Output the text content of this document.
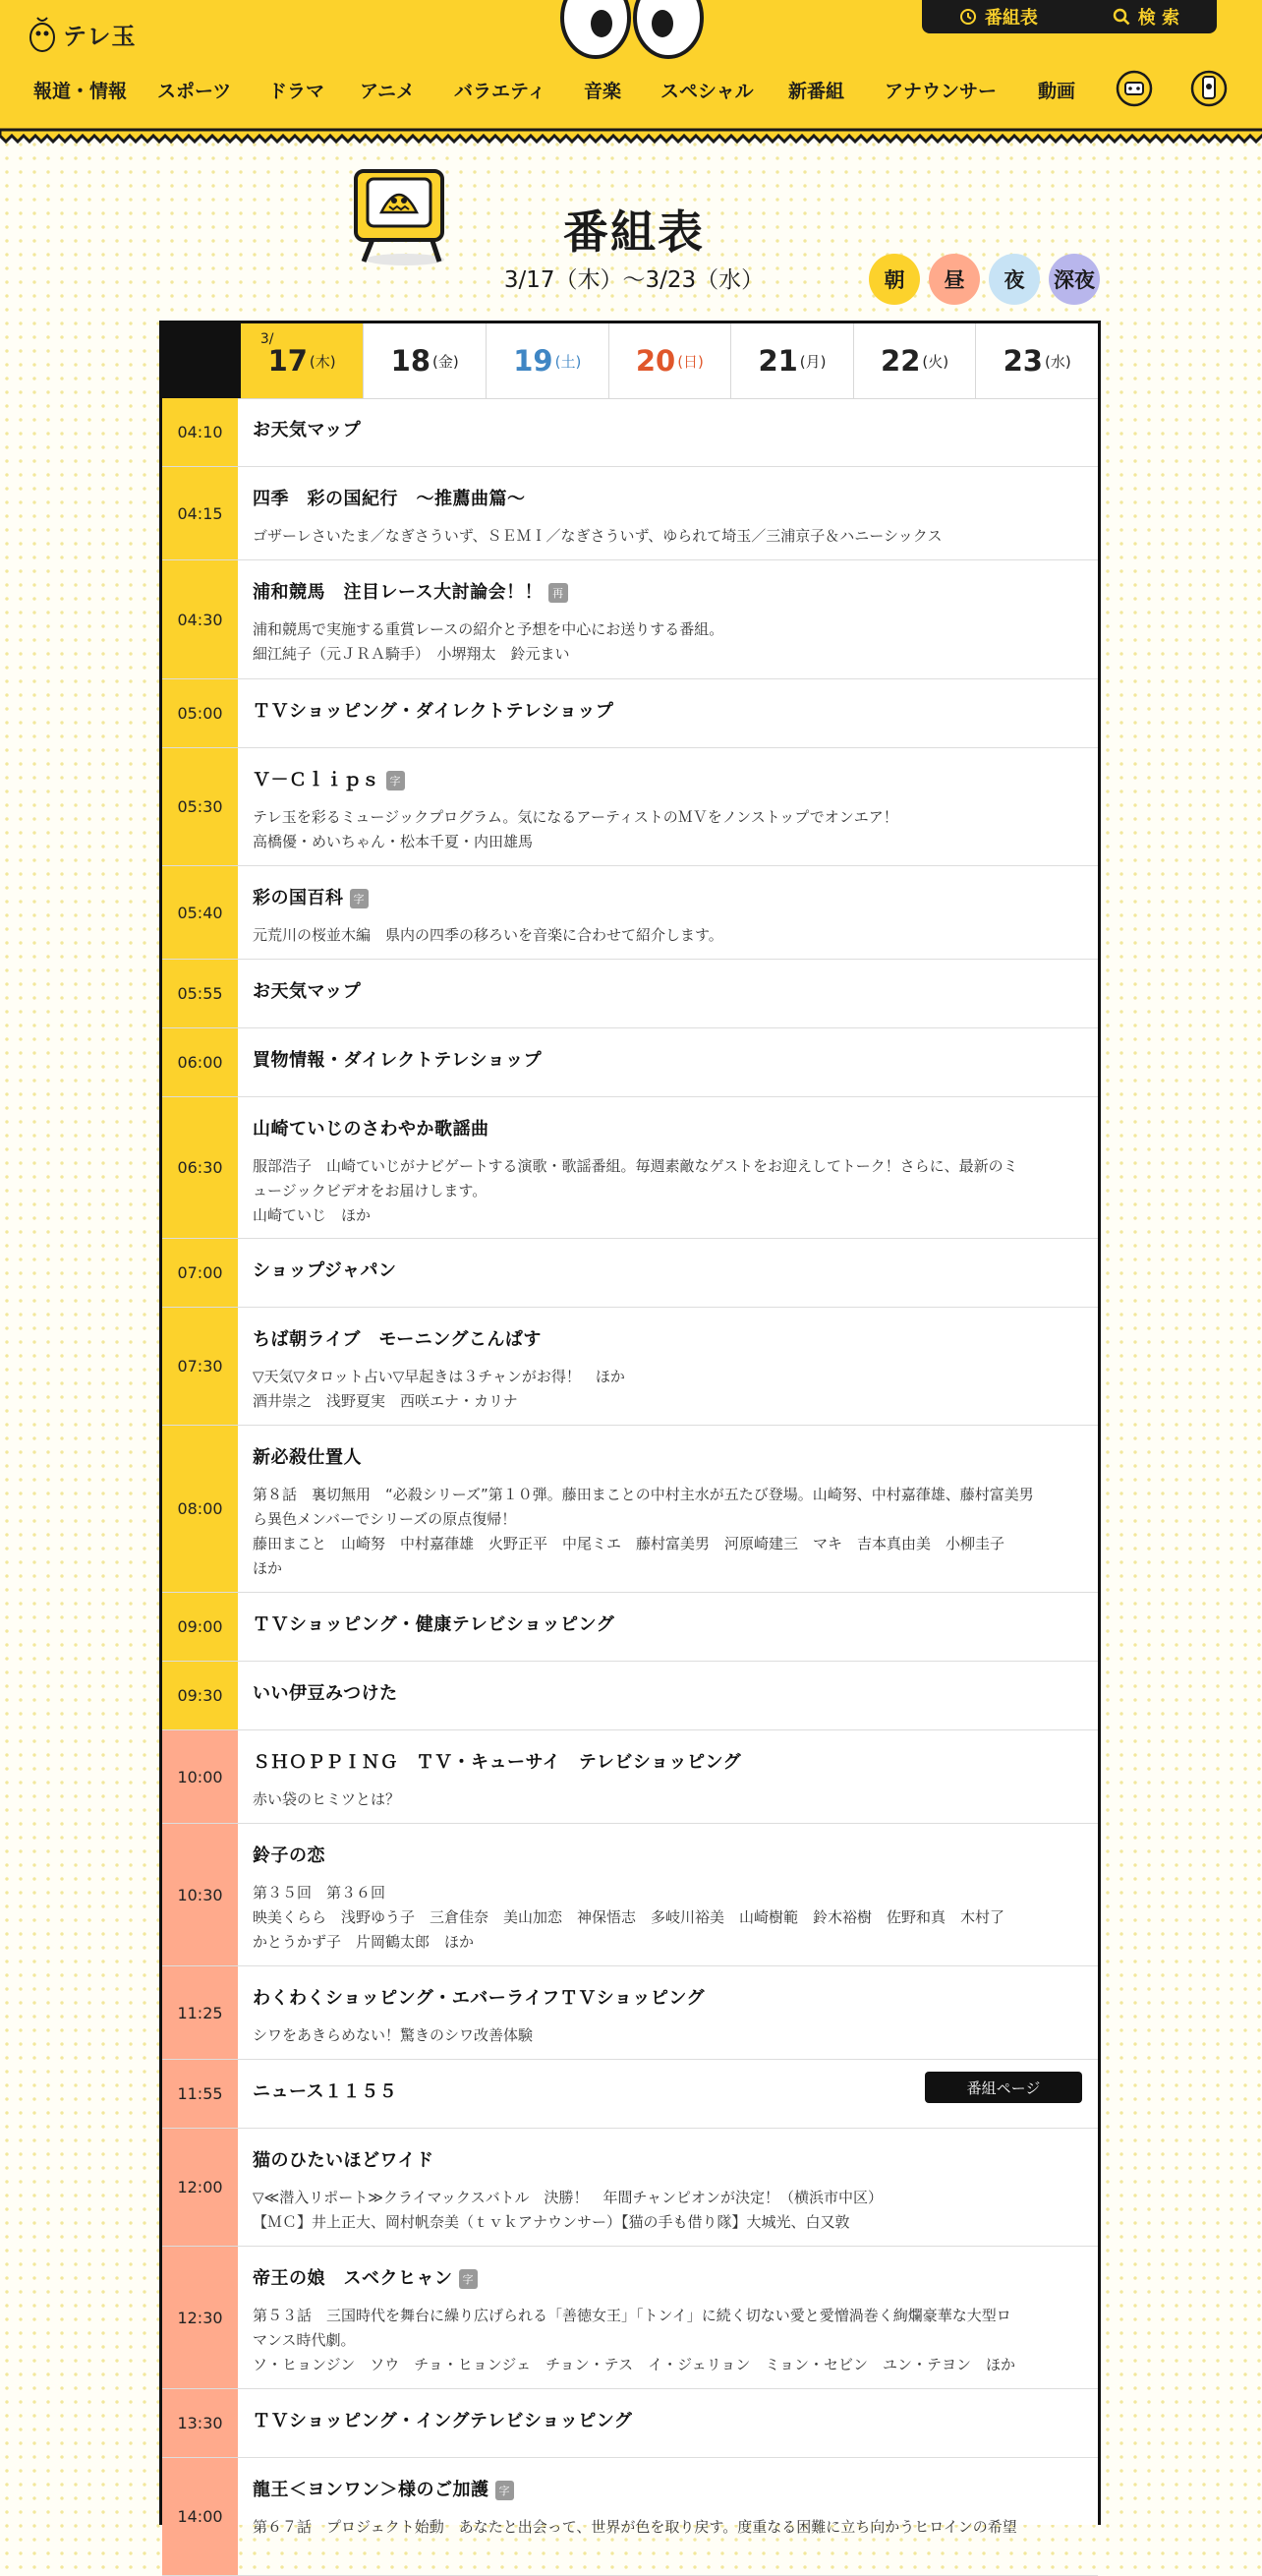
テレ玉
番組表	検 索
報道・情報 スポーツ ドラマ アニメ バラエティ 音楽 スペシャル 新番組 アナウンサー 動画
番組表
3/17（木）〜3/23（水）	朝	昼	夜	深夜
3/
17 (木) 18 (金) 19 (土) 20 (日) 21 (月) 22 (火) 23 (水)
04:10	お天気マップ
04:15
四季　彩の国紀行　～推薦曲篇～
ゴザーレさいたま／なぎさういず、ＳＥＭＩ／なぎさういず、ゆられて埼玉／三浦京子＆ハニーシックス
04:30
浦和競馬　注目レース大討論会！！ 再
浦和競馬で実施する重賞レースの紹介と予想を中心にお送りする番組。
細江純子（元ＪＲＡ騎手）　小堺翔太　鈴元まい
05:00	ＴＶショッピング・ダイレクトテレショップ
05:30
Ｖ－Ｃｌｉｐｓ 字
テレ玉を彩るミュージックプログラム。気になるアーティストのＭＶをノンストップでオンエア！
高橋優・めいちゃん・松本千夏・内田雄馬
05:40
彩の国百科 字
元荒川の桜並木編　県内の四季の移ろいを音楽に合わせて紹介します。
05:55	お天気マップ
06:00	買物情報・ダイレクトテレショップ
06:30
山崎ていじのさわやか歌謡曲
服部浩子　山崎ていじがナビゲートする演歌・歌謡番組。毎週素敵なゲストをお迎えしてトーク！さらに、最新のミ
ュージックビデオをお届けします。
山崎ていじ　ほか
07:00	ショップジャパン
07:30
ちば朝ライブ　モーニングこんぱす
▽天気▽タロット占い▽早起きは３チャンがお得！　ほか
酒井崇之　浅野夏実　西咲エナ・カリナ
08:00
新必殺仕置人
第８話　裏切無用　“必殺シリーズ”第１０弾。藤田まことの中村主水が五たび登場。山崎努、中村嘉葎雄、藤村富美男
ら異色メンバーでシリーズの原点復帰！
藤田まこと　山崎努　中村嘉葎雄　火野正平　中尾ミエ　藤村富美男　河原崎建三　マキ　吉本真由美　小柳圭子
ほか
09:00	ＴＶショッピング・健康テレビショッピング
09:30	いい伊豆みつけた
10:00
ＳＨＯＰＰＩＮＧ　ＴＶ・キューサイ　テレビショッピング
赤い袋のヒミツとは？
10:30
鈴子の恋
第３５回　第３６回
映美くらら　浅野ゆう子　三倉佳奈　美山加恋　神保悟志　多岐川裕美　山崎樹範　鈴木裕樹　佐野和真　木村了
かとうかず子　片岡鶴太郎　ほか
11:25
わくわくショッピング・エバーライフＴＶショッピング
シワをあきらめない！驚きのシワ改善体験
11:55	ニュース１１５５	番組ページ
12:00
猫のひたいほどワイド
▽≪潜入リポート≫クライマックスバトル　決勝！　年間チャンピオンが決定！（横浜市中区）
【ＭＣ】井上正大、岡村帆奈美（ｔｖｋアナウンサー）【猫の手も借り隊】大城光、白又敦
12:30
帝王の娘　スベクヒャン 字
第５３話　三国時代を舞台に繰り広げられる「善徳女王」「トンイ」に続く切ない愛と愛憎渦巻く絢爛豪華な大型ロ
マンス時代劇。
ソ・ヒョンジン　ソウ　チョ・ヒョンジェ　チョン・テス　イ・ジェリョン　ミョン・セビン　ユン・テヨン　ほか
13:30	ＴＶショッピング・イングテレビショッピング
14:00
龍王＜ヨンワン＞様のご加護 字
第６７話　プロジェクト始動　あなたと出会って、世界が色を取り戻す。度重なる困難に立ち向かうヒロインの希望
